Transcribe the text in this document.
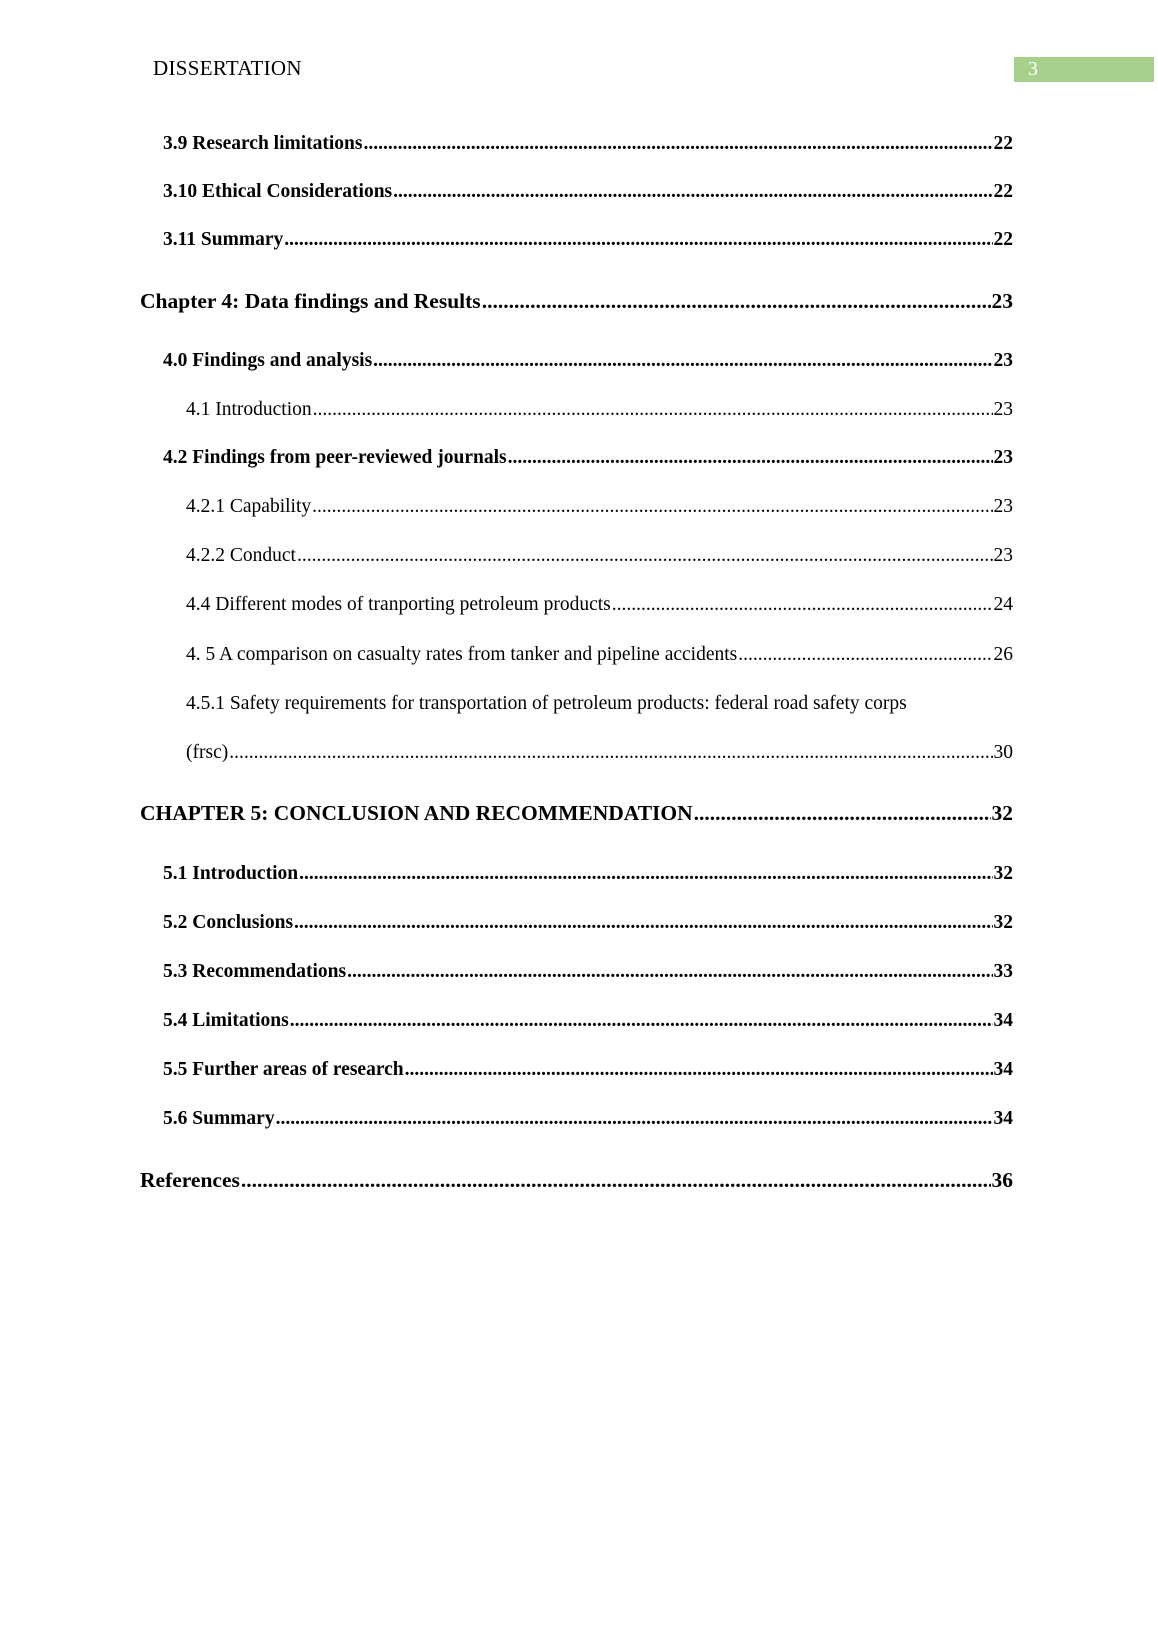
DISSERTATION	3
3.9 Research limitations .....	22
3.10 Ethical Considerations .....	22
3.11 Summary .....	22
Chapter 4: Data findings and Results .....	23
4.0 Findings and analysis .....	23
4.1 Introduction .....	23
4.2 Findings from peer-reviewed journals .....	23
4.2.1 Capability .....	23
4.2.2 Conduct .....	23
4.4 Different modes of tranporting petroleum products .....	24
4. 5 A comparison on casualty rates from tanker and pipeline accidents .....	26
4.5.1 Safety requirements for transportation of petroleum products: federal road safety corps
(frsc) .....	30
CHAPTER 5: CONCLUSION AND RECOMMENDATION .....	32
5.1 Introduction .....	32
5.2 Conclusions .....	32
5.3 Recommendations .....	33
5.4 Limitations .....	34
5.5 Further areas of research .....	34
5.6 Summary .....	34
References .....	36
